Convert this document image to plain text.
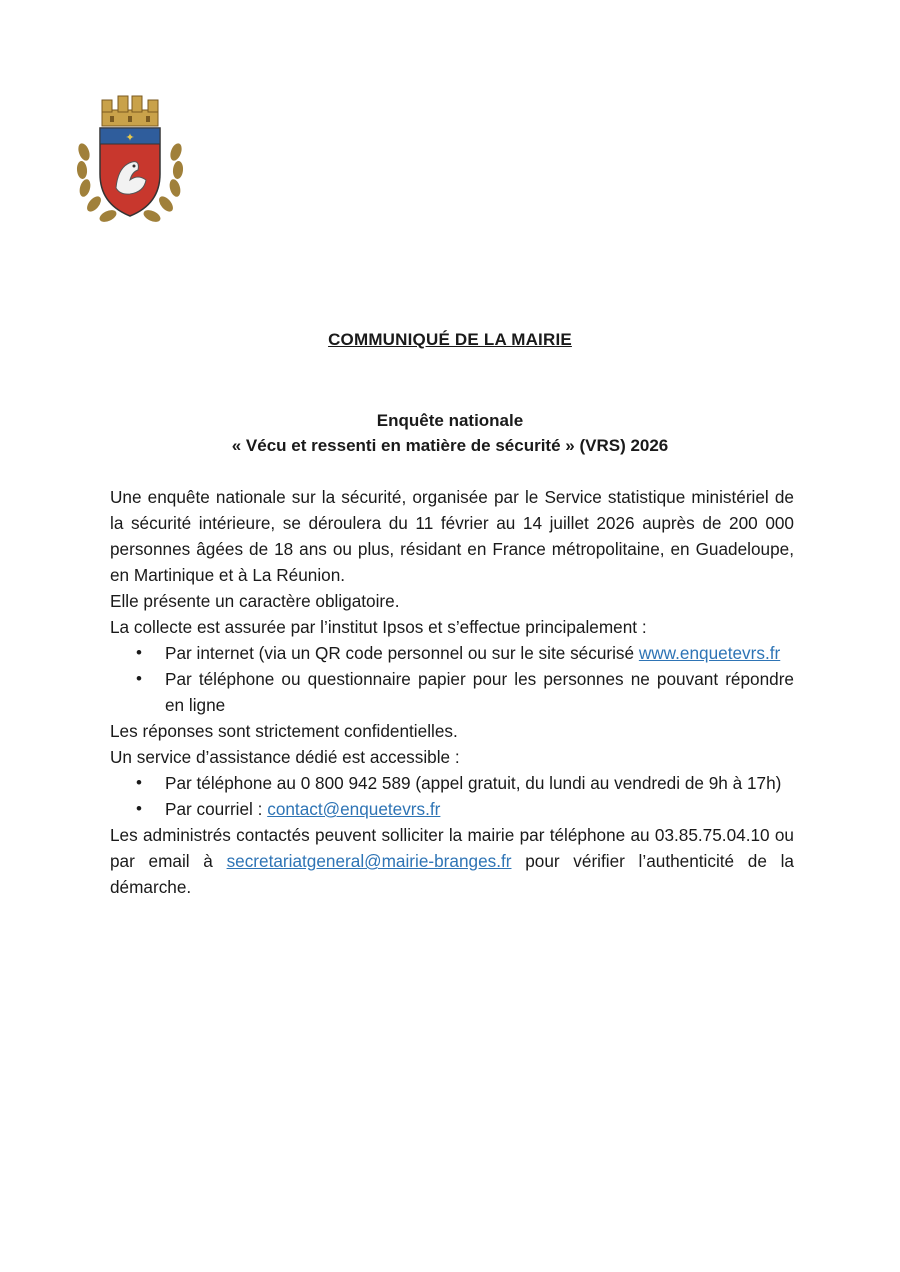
✦
COMMUNIQUÉ DE LA MAIRIE
Enquête nationale
« Vécu et ressenti en matière de sécurité » (VRS) 2026

Une enquête nationale sur la sécurité, organisée par le Service statistique ministériel de la sécurité intérieure, se déroulera du 11 février au 14 juillet 2026 auprès de 200 000 personnes âgées de 18 ans ou plus, résidant en France métropolitaine, en Guadeloupe, en Martinique et à La Réunion.

Elle présente un caractère obligatoire.

La collecte est assurée par l’institut Ipsos et s’effectue principalement :

• Par internet (via un QR code personnel ou sur le site sécurisé www.enquetevrs.fr
• Par téléphone ou questionnaire papier pour les personnes ne pouvant répondre en ligne

Les réponses sont strictement confidentielles.

Un service d’assistance dédié est accessible :

• Par téléphone au 0 800 942 589 (appel gratuit, du lundi au vendredi de 9h à 17h)
• Par courriel : contact@enquetevrs.fr

Les administrés contactés peuvent solliciter la mairie par téléphone au 03.85.75.04.10 ou par email à secretariatgeneral@mairie-branges.fr pour vérifier l’authenticité de la démarche.
